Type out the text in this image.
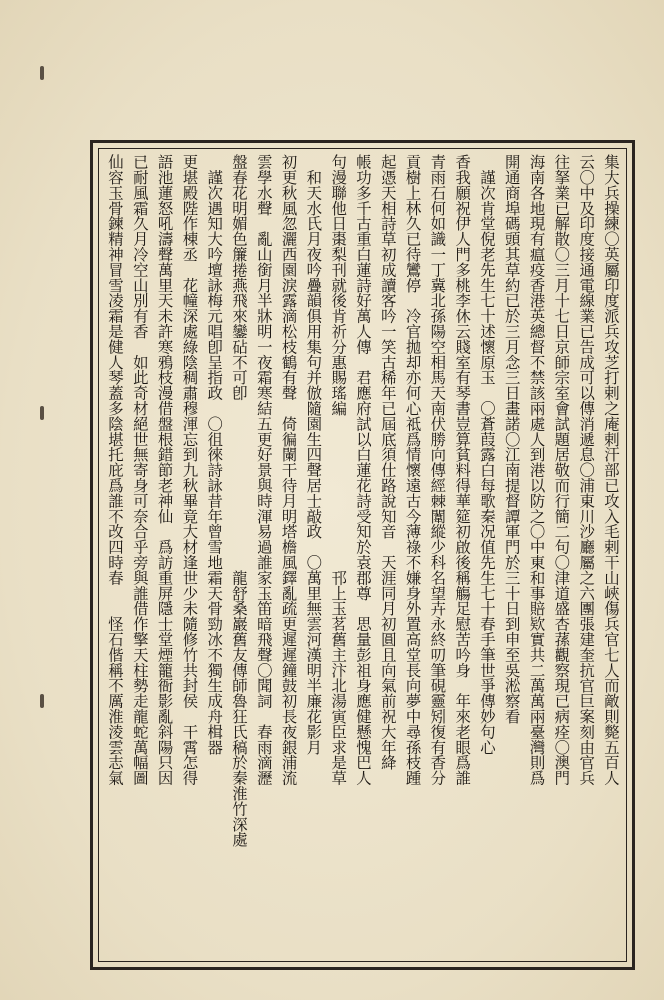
集大兵操練〇英屬印度派兵攻芝打剌之庵剌汗部已攻入毛剌干山峽傷兵官七人而敵則斃五百人
云〇中及印度接通電線業已告成可以傳消遞息〇浦東川沙廳屬之六團張建奎抗官巨案刻由官兵
往拏業已解散〇三月十七日京師宗室會試題居敬而行簡二句〇津道盛杏蓀觀察現已病痊〇澳門
海南各地現有瘟疫香港英總督不禁該兩處人到港以防之〇中東和事賠欵實共二萬萬兩臺灣則爲
開通商埠碼頭其草約已於三月念三日畫諾〇江南提督譚軍門於三十日到申至吳淞察看
　謹次肯堂倪老先生七十述懷原玉　〇蒼葭露白每歌秦况值先生七十春手筆世爭傳妙句心
香我願祝伊人門多桃李休云賤室有琴書豈算貧料得華筵初啟後稱觴足慰苦吟身　年來老眼爲誰
青雨石何如識一丁冀北孫陽空相馬天南伏勝向傳經棘闈縱少科名望卉永終叨筆硯靈矧復有香分
貢樹上林久已待鸞停　冷官拋却亦何心祗爲情懷遠古今薄祿不嫌身外置高堂長向夢中尋孫枝踵
起憑天相詩草初成讀客吟一笑古稀年已屆底須仕路說知音　天涯同月初圓且向氣前祝大年絳
帳功多千古重白蓮詩好萬人傳　君應府試以白蓮花詩受知於袁郡尊　思量彭祖身應健懸愧巴人
句漫聯他日棗梨刊就後肯祈分惠賜瑤編　　　　　　　　　　邗上玉茗舊主汴北湯寅臣求是草
　和天水氏月夜吟疊韻俱用集句并倣隨園生四聲居士敲政　〇萬里無雲河漢明半廉花影月
初更秋風忽灑西園淚露滴松枝鶴有聲　倚徧闌干待月明塔檐風鐸亂疏更遲遲鐘鼓初長夜銀浦流
雲學水聲　亂山銜月半牀明一夜霜寒結五更好景與時渾易過誰家玉笛暗飛聲〇聞詞　春雨滴瀝
盤春花明媚色簾捲燕飛來鑾砧不可卽　　　　　　　　　　　龍舒桑巖舊友傳師魯狂氏稿於秦淮竹深處
　謹次遇知大吟壇詠梅元唱卽呈指政　〇徂徠詩詠昔年曾雪地霜天骨勁冰不獨生成舟楫器
更堪殿陛作棟丞　花幢深處綠陰稠肅穆渾忘到九秋畢竟大材逢世少未隨修竹共封侯　干霄怎得
語池蓮怒吼濤聲萬里天未許寒鴉枝漫借盤根錯節老神仙　爲訪重屏隱士堂煙籠衙影亂斜陽只因
已耐風霜久月冷空山別有香　如此奇材絕世無寄身可奈合乎旁與誰借作擎天柱勢走龍蛇萬幅圖
仙容玉骨鍊精神冒雪凌霜是健人琴蓋多陰堪托庇爲誰不改四時春　　怪石偕稱不厲淮淩雲志氣
